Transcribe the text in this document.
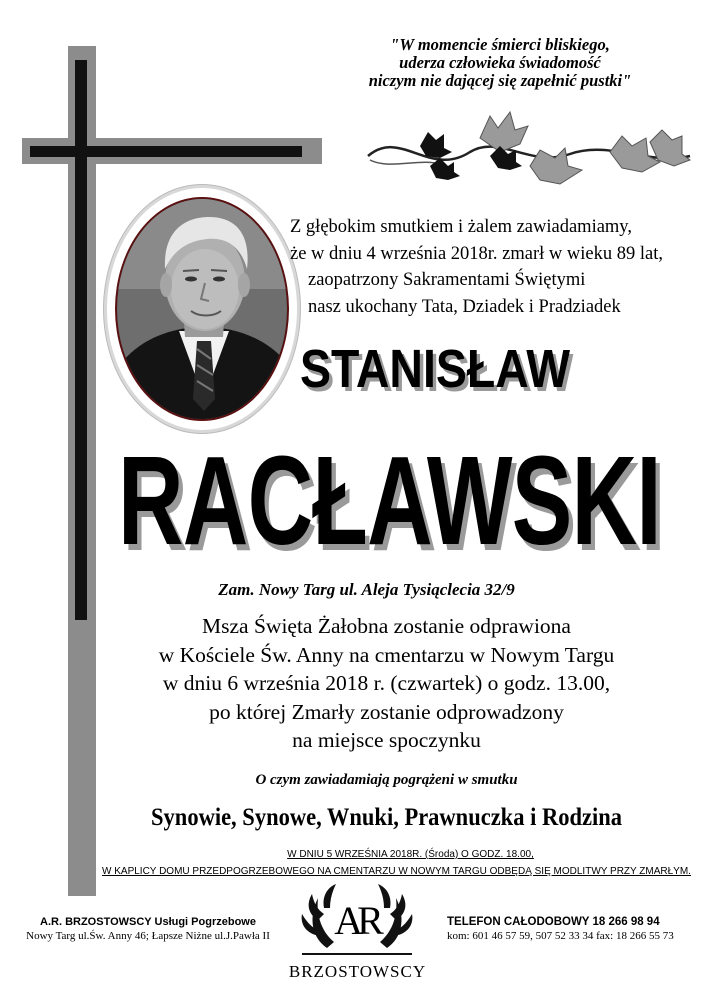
"W momencie śmierci bliskiego,
uderza człowieka świadomość
niczym nie dającej się zapełnić pustki"
Z głębokim smutkiem i żalem zawiadamiamy,
że w dniu 4 września 2018r. zmarł w wieku 89 lat,
zaopatrzony Sakramentami Świętymi
nasz ukochany Tata, Dziadek i Pradziadek
STANISŁAW
RACŁAWSKI
Zam. Nowy Targ ul. Aleja Tysiąclecia 32/9
Msza Święta Żałobna zostanie odprawiona
w Kościele Św. Anny na cmentarzu w Nowym Targu
w dniu 6 września 2018 r. (czwartek) o godz. 13.00,
po której Zmarły zostanie odprowadzony
na miejsce spoczynku
O czym zawiadamiają pogrążeni w smutku
Synowie, Synowe, Wnuki, Prawnuczka i Rodzina
W DNIU 5 WRZEŚNIA 2018R. (Środa) O GODZ. 18.00,
W KAPLICY DOMU PRZEDPOGRZEBOWEGO NA CMENTARZU W NOWYM TARGU ODBĘDĄ SIĘ MODLITWY PRZY ZMARŁYM.
A.R. BRZOSTOWSCY Usługi Pogrzebowe
Nowy Targ ul.Św. Anny 46; Łapsze Niżne ul.J.Pawła II	AR
BRZOSTOWSCY
TELEFON CAŁODOBOWY 18 266 98 94
kom: 601 46 57 59, 507 52 33 34 fax: 18 266 55 73
